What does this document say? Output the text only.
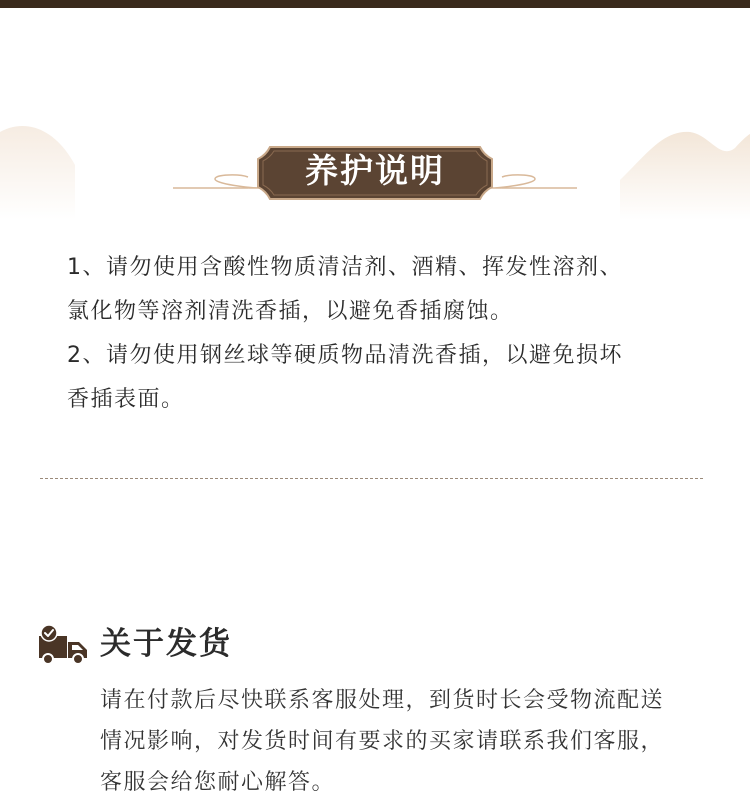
养护说明
1、请勿使用含酸性物质清洁剂、酒精、挥发性溶剂、
氯化物等溶剂清洗香插，以避免香插腐蚀。
2、请勿使用钢丝球等硬质物品清洗香插，以避免损坏
香插表面。
关于发货
请在付款后尽快联系客服处理，到货时长会受物流配送
情况影响，对发货时间有要求的买家请联系我们客服，
客服会给您耐心解答。
